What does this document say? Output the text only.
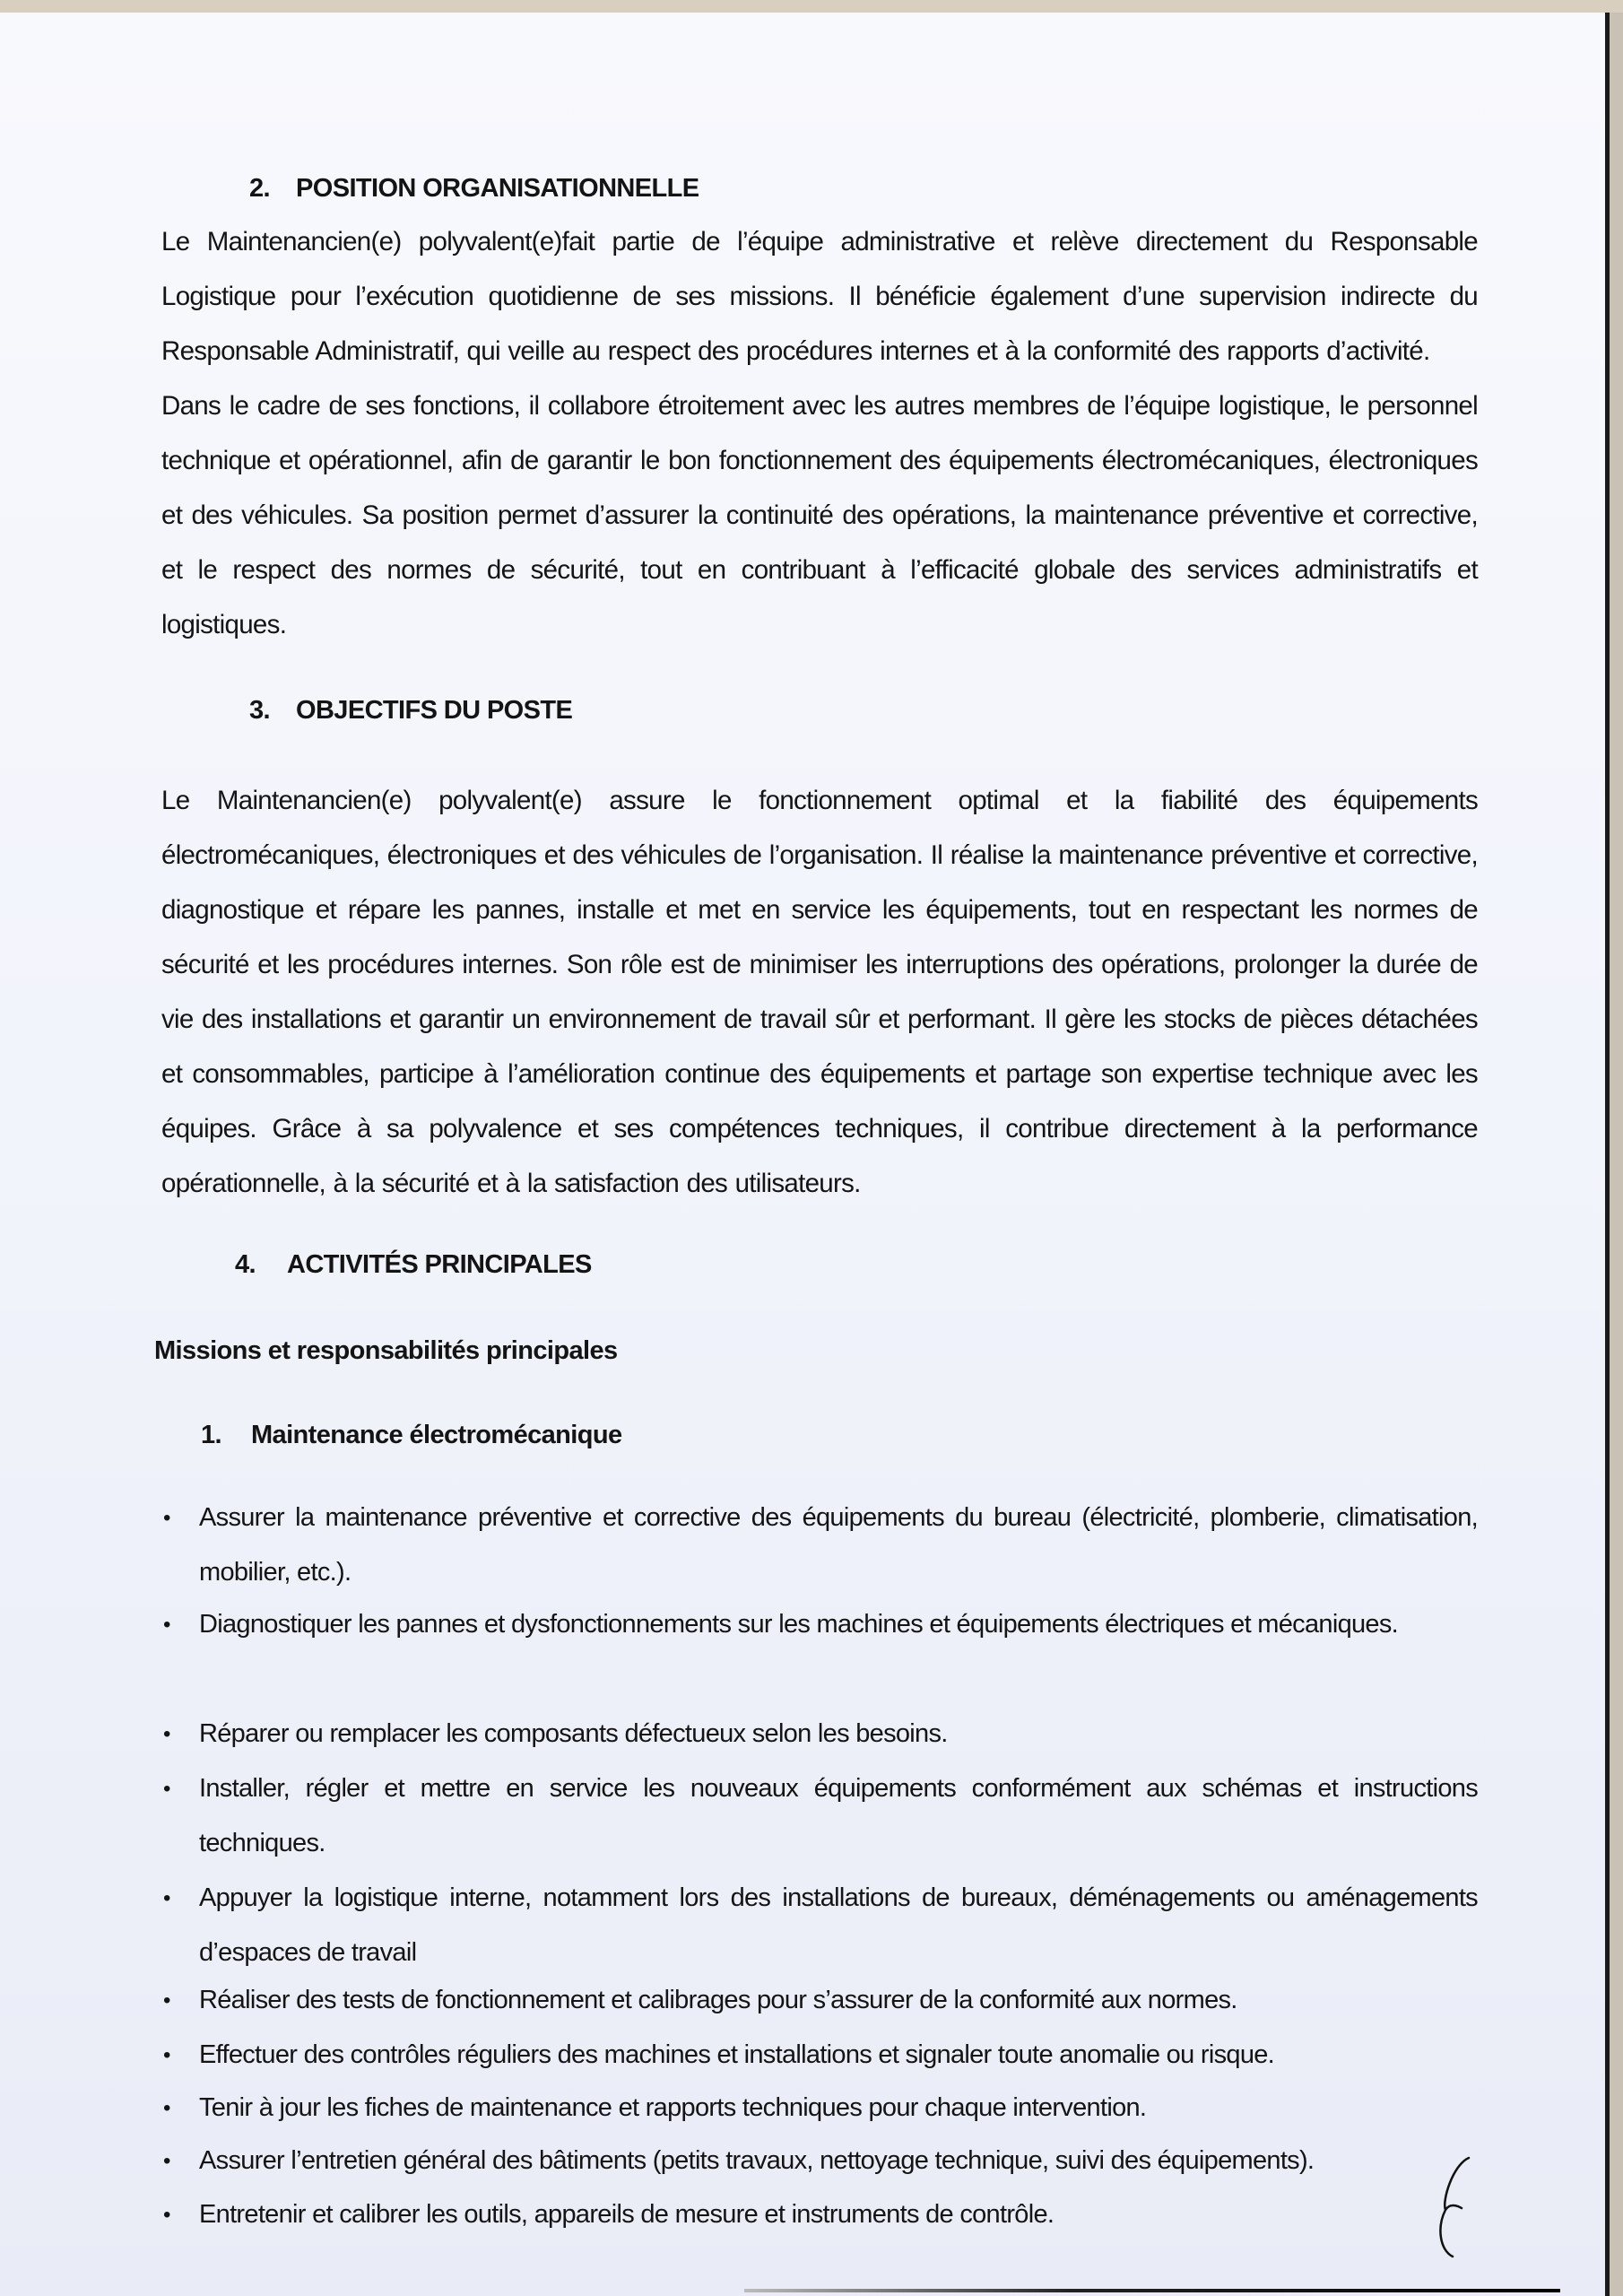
2. POSITION ORGANISATIONNELLE
Le Maintenancien(e) polyvalent(e)fait partie de l’équipe administrative et relève directement du Responsable Logistique pour l’exécution quotidienne de ses missions. Il bénéficie également d’une supervision indirecte du Responsable Administratif, qui veille au respect des procédures internes et à la conformité des rapports d’activité.
Dans le cadre de ses fonctions, il collabore étroitement avec les autres membres de l’équipe logistique, le personnel technique et opérationnel, afin de garantir le bon fonctionnement des équipements électromécaniques, électroniques et des véhicules. Sa position permet d’assurer la continuité des opérations, la maintenance préventive et corrective, et le respect des normes de sécurité, tout en contribuant à l’efficacité globale des services administratifs et logistiques.
3. OBJECTIFS DU POSTE
Le Maintenancien(e) polyvalent(e) assure le fonctionnement optimal et la fiabilité des équipements électromécaniques, électroniques et des véhicules de l’organisation. Il réalise la maintenance préventive et corrective, diagnostique et répare les pannes, installe et met en service les équipements, tout en respectant les normes de sécurité et les procédures internes. Son rôle est de minimiser les interruptions des opérations, prolonger la durée de vie des installations et garantir un environnement de travail sûr et performant. Il gère les stocks de pièces détachées et consommables, participe à l’amélioration continue des équipements et partage son expertise technique avec les équipes. Grâce à sa polyvalence et ses compétences techniques, il contribue directement à la performance opérationnelle, à la sécurité et à la satisfaction des utilisateurs.
4. ACTIVITÉS PRINCIPALES
Missions et responsabilités principales
1. Maintenance électromécanique
• Assurer la maintenance préventive et corrective des équipements du bureau (électricité, plomberie, climatisation, mobilier, etc.).
• Diagnostiquer les pannes et dysfonctionnements sur les machines et équipements électriques et mécaniques.
• Réparer ou remplacer les composants défectueux selon les besoins.
• Installer, régler et mettre en service les nouveaux équipements conformément aux schémas et instructions techniques.
• Appuyer la logistique interne, notamment lors des installations de bureaux, déménagements ou aménagements d’espaces de travail
• Réaliser des tests de fonctionnement et calibrages pour s’assurer de la conformité aux normes.
• Effectuer des contrôles réguliers des machines et installations et signaler toute anomalie ou risque.
• Tenir à jour les fiches de maintenance et rapports techniques pour chaque intervention.
• Assurer l’entretien général des bâtiments (petits travaux, nettoyage technique, suivi des équipements).
• Entretenir et calibrer les outils, appareils de mesure et instruments de contrôle.
